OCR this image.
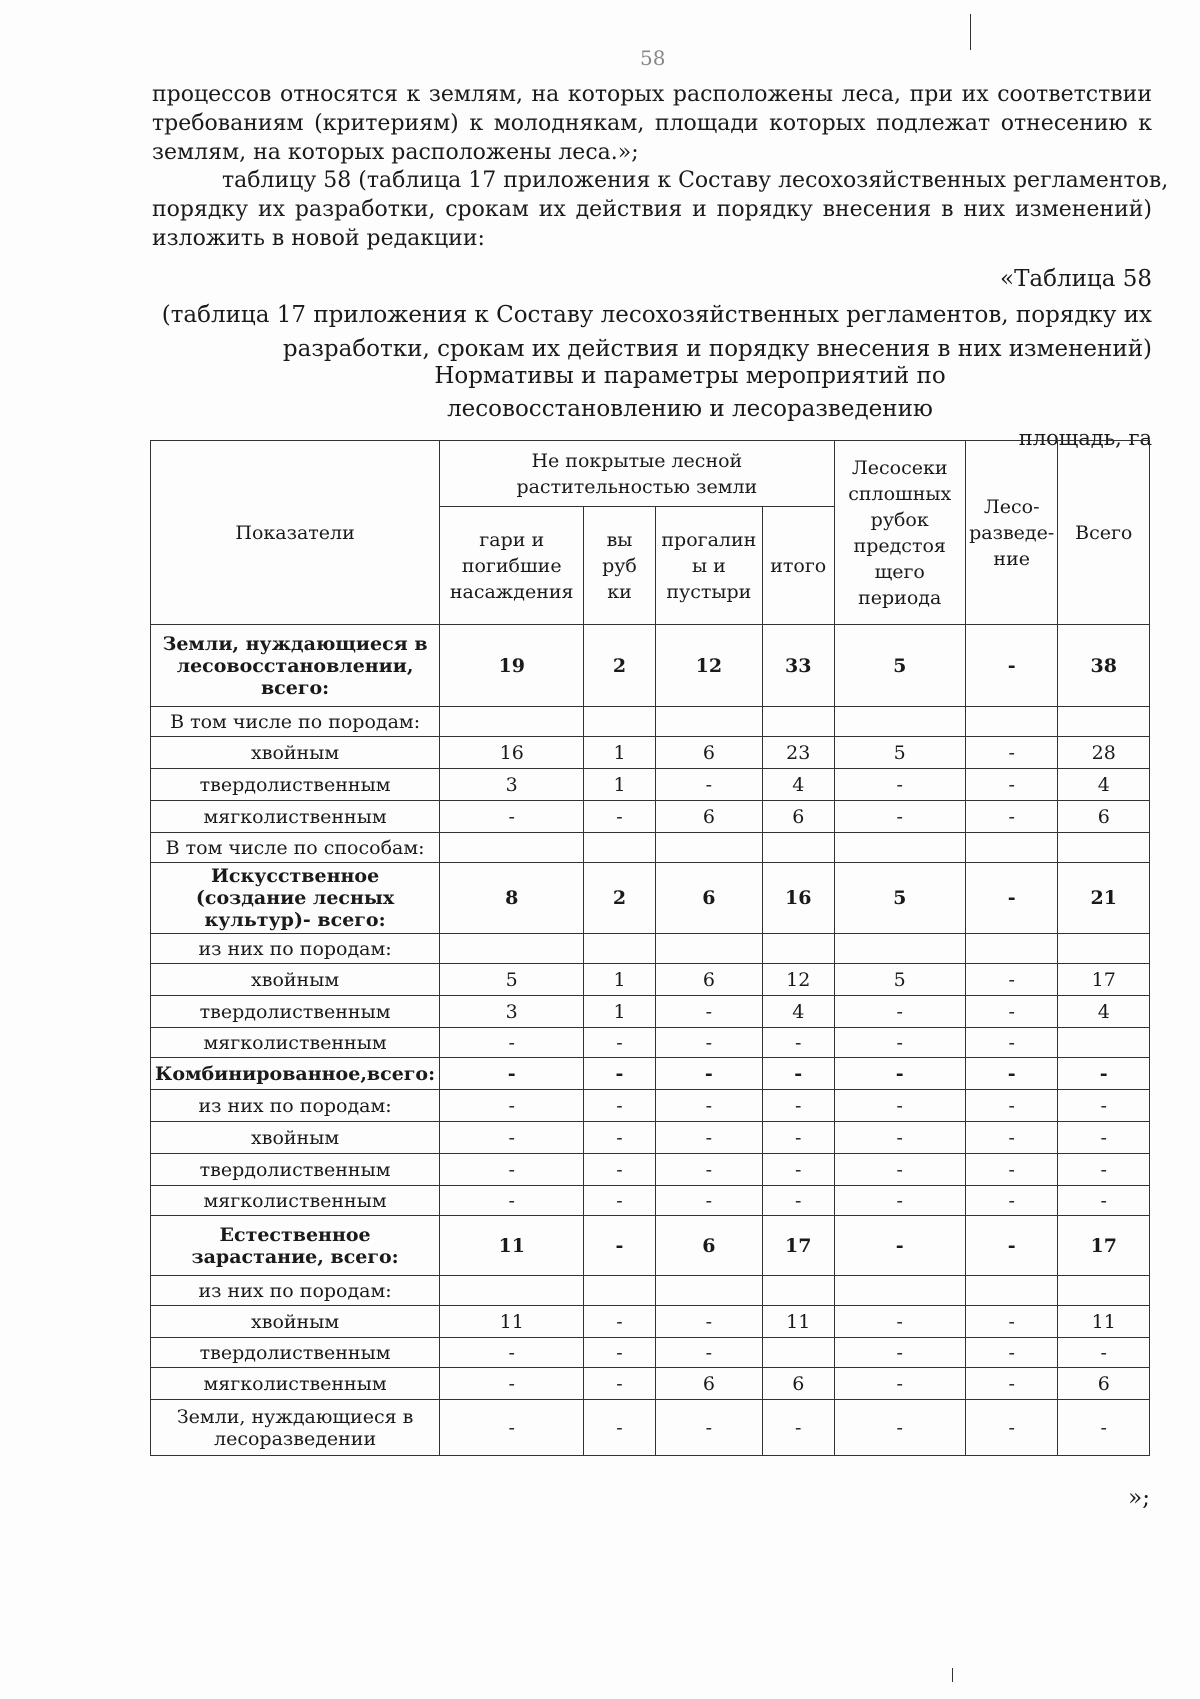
58
процессов относятся к землям, на которых расположены леса, при их соответствии
требованиям (критериям) к молоднякам, площади которых подлежат отнесению к
землям, на которых расположены леса.»;
таблицу 58 (таблица 17 приложения к Составу лесохозяйственных регламентов,
порядку их разработки, срокам их действия и порядку внесения в них изменений)
изложить в новой редакции:
«Таблица 58
(таблица 17 приложения к Составу лесохозяйственных регламентов, порядку их
разработки, срокам их действия и порядку внесения в них изменений)
Нормативы и параметры мероприятий по
лесовосстановлению и лесоразведению
площадь, га
Показатели	Не покрытые лесной растительностью земли				Лесосеки сплошных рубок предстоя щего периода	Лесо- разведе- ние	Всего
	гари и погибшие насаждения	вы руб ки	прогалин ы и пустыри	итого			
Земли, нуждающиеся в лесовосстановлении, всего:	19	2	12	33	5	-	38
В том числе по породам:							
хвойным	16	1	6	23	5	-	28
твердолиственным	3	1	-	4	-	-	4
мягколиственным	-	-	6	6	-	-	6
В том числе по способам:							
Искусственное (создание лесных культур)- всего:	8	2	6	16	5	-	21
из них по породам:							
хвойным	5	1	6	12	5	-	17
твердолиственным	3	1	-	4	-	-	4
мягколиственным	-	-	-	-	-	-	
Комбинированное,всего:	-	-	-	-	-	-	-
из них по породам:	-	-	-	-	-	-	-
хвойным	-	-	-	-	-	-	-
твердолиственным	-	-	-	-	-	-	-
мягколиственным	-	-	-	-	-	-	-
Естественное зарастание, всего:	11	-	6	17	-	-	17
из них по породам:							
хвойным	11	-	-	11	-	-	11
твердолиственным	-	-	-		-	-	-
мягколиственным	-	-	6	6	-	-	6
Земли, нуждающиеся в лесоразведении	-	-	-	-	-	-	-
»;
